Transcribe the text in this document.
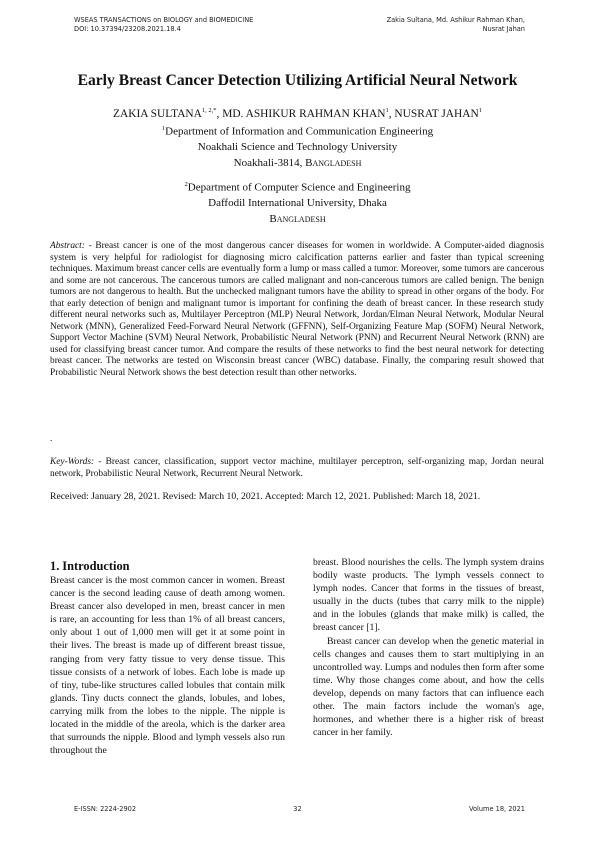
WSEAS TRANSACTIONS on BIOLOGY and BIOMEDICINE
DOI: 10.37394/23208.2021.18.4
Zakia Sultana, Md. Ashikur Rahman Khan,
Nusrat Jahan
Early Breast Cancer Detection Utilizing Artificial Neural Network
ZAKIA $SULTANA^{1, 2,*}$, MD. ASHIKUR RAHMAN KHAN$^1$, NUSRAT JAHAN$^1$
$^1$Department of Information and Communication Engineering
Noakhali Science and Technology University
Noakhali-3814, Bangladesh
$^2$Department of Computer Science and Engineering
Daffodil International University, Dhaka
Bangladesh
Abstract: - Breast cancer is one of the most dangerous cancer diseases for women in worldwide. A Computer-aided diagnosis system is very helpful for radiologist for diagnosing micro calcification patterns earlier and faster than typical screening techniques. Maximum breast cancer cells are eventually form a lump or mass called a tumor. Moreover, some tumors are cancerous and some are not cancerous. The cancerous tumors are called malignant and non-cancerous tumors are called benign. The benign tumors are not dangerous to health. But the unchecked malignant tumors have the ability to spread in other organs of the body. For that early detection of benign and malignant tumor is important for confining the death of breast cancer. In these research study different neural networks such as, Multilayer Perceptron (MLP) Neural Network, Jordan/Elman Neural Network, Modular Neural Network (MNN), Generalized Feed-Forward Neural Network (GFFNN), Self-Organizing Feature Map (SOFM) Neural Network, Support Vector Machine (SVM) Neural Network, Probabilistic Neural Network (PNN) and Recurrent Neural Network (RNN) are used for classifying breast cancer tumor. And compare the results of these networks to find the best neural network for detecting breast cancer. The networks are tested on Wisconsin breast cancer (WBC) database. Finally, the comparing result showed that Probabilistic Neural Network shows the best detection result than other networks.
.
Key-Words: - Breast cancer, classification, support vector machine, multilayer perceptron, self-organizing map, Jordan neural network, Probabilistic Neural Network, Recurrent Neural Network.
Received: January 28, 2021. Revised: March 10, 2021. Accepted: March 12, 2021. Published: March 18, 2021.
1. Introduction

Breast cancer is the most common cancer in women. Breast cancer is the second leading cause of death among women. Breast cancer also developed in men, breast cancer in men is rare, an accounting for less than 1% of all breast cancers, only about 1 out of 1,000 men will get it at some point in their lives. The breast is made up of different breast tissue, ranging from very fatty tissue to very dense tissue. This tissue consists of a network of lobes. Each lobe is made up of tiny, tube-like structures called lobules that contain milk glands. Tiny ducts connect the glands, lobules, and lobes, carrying milk from the lobes to the nipple. The nipple is located in the middle of the areola, which is the darker area that surrounds the nipple. Blood and lymph vessels also run throughout the

breast. Blood nourishes the cells. The lymph system drains bodily waste products. The lymph vessels connect to lymph nodes. Cancer that forms in the tissues of breast, usually in the ducts (tubes that carry milk to the nipple) and in the lobules (glands that make milk) is called, the breast cancer [1].

Breast cancer can develop when the genetic material in cells changes and causes them to start multiplying in an uncontrolled way. Lumps and nodules then form after some time. Why those changes come about, and how the cells develop, depends on many factors that can influence each other. The main factors include the woman's age, hormones, and whether there is a higher risk of breast cancer in her family.

E-ISSN: 2224-2902	32	Volume 18, 2021
